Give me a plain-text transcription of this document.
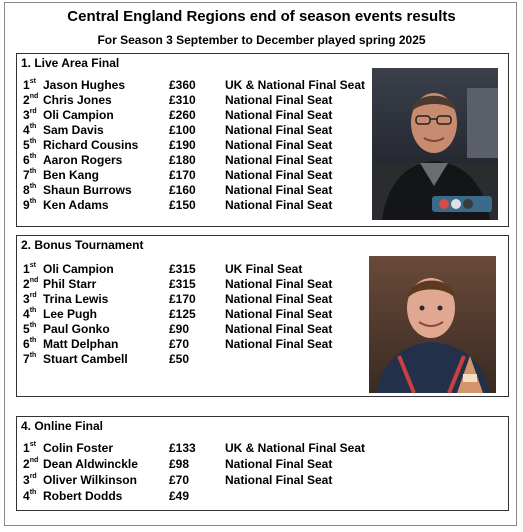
Central England Regions end of season events results
For Season 3 September to December played spring 2025
1. Live Area Final
1st Jason Hughes	£360 UK & National Final Seat
2nd Chris Jones	£310 National Final Seat
3rd Oli Campion	£260 National Final Seat
4th Sam Davis	£100 National Final Seat
5th Richard Cousins	£190 National Final Seat
6th Aaron Rogers	£180 National Final Seat
7th Ben Kang	£170 National Final Seat
8th Shaun Burrows	£160 National Final Seat
9th Ken Adams	£150 National Final Seat
2. Bonus Tournament
1st Oli Campion	£315 UK Final Seat
2nd Phil Starr	£315 National Final Seat
3rd Trina Lewis	£170 National Final Seat
4th Lee Pugh	£125 National Final Seat
5th Paul Gonko	£90	National Final Seat
6th Matt Delphan	£70	National Final Seat
7th Stuart Cambell	£50
4. Online Final
1st Colin Foster	£133 UK & National Final Seat
2nd Dean Aldwinckle	£98	National Final Seat
3rd Oliver Wilkinson	£70	National Final Seat
4th Robert Dodds	£49
